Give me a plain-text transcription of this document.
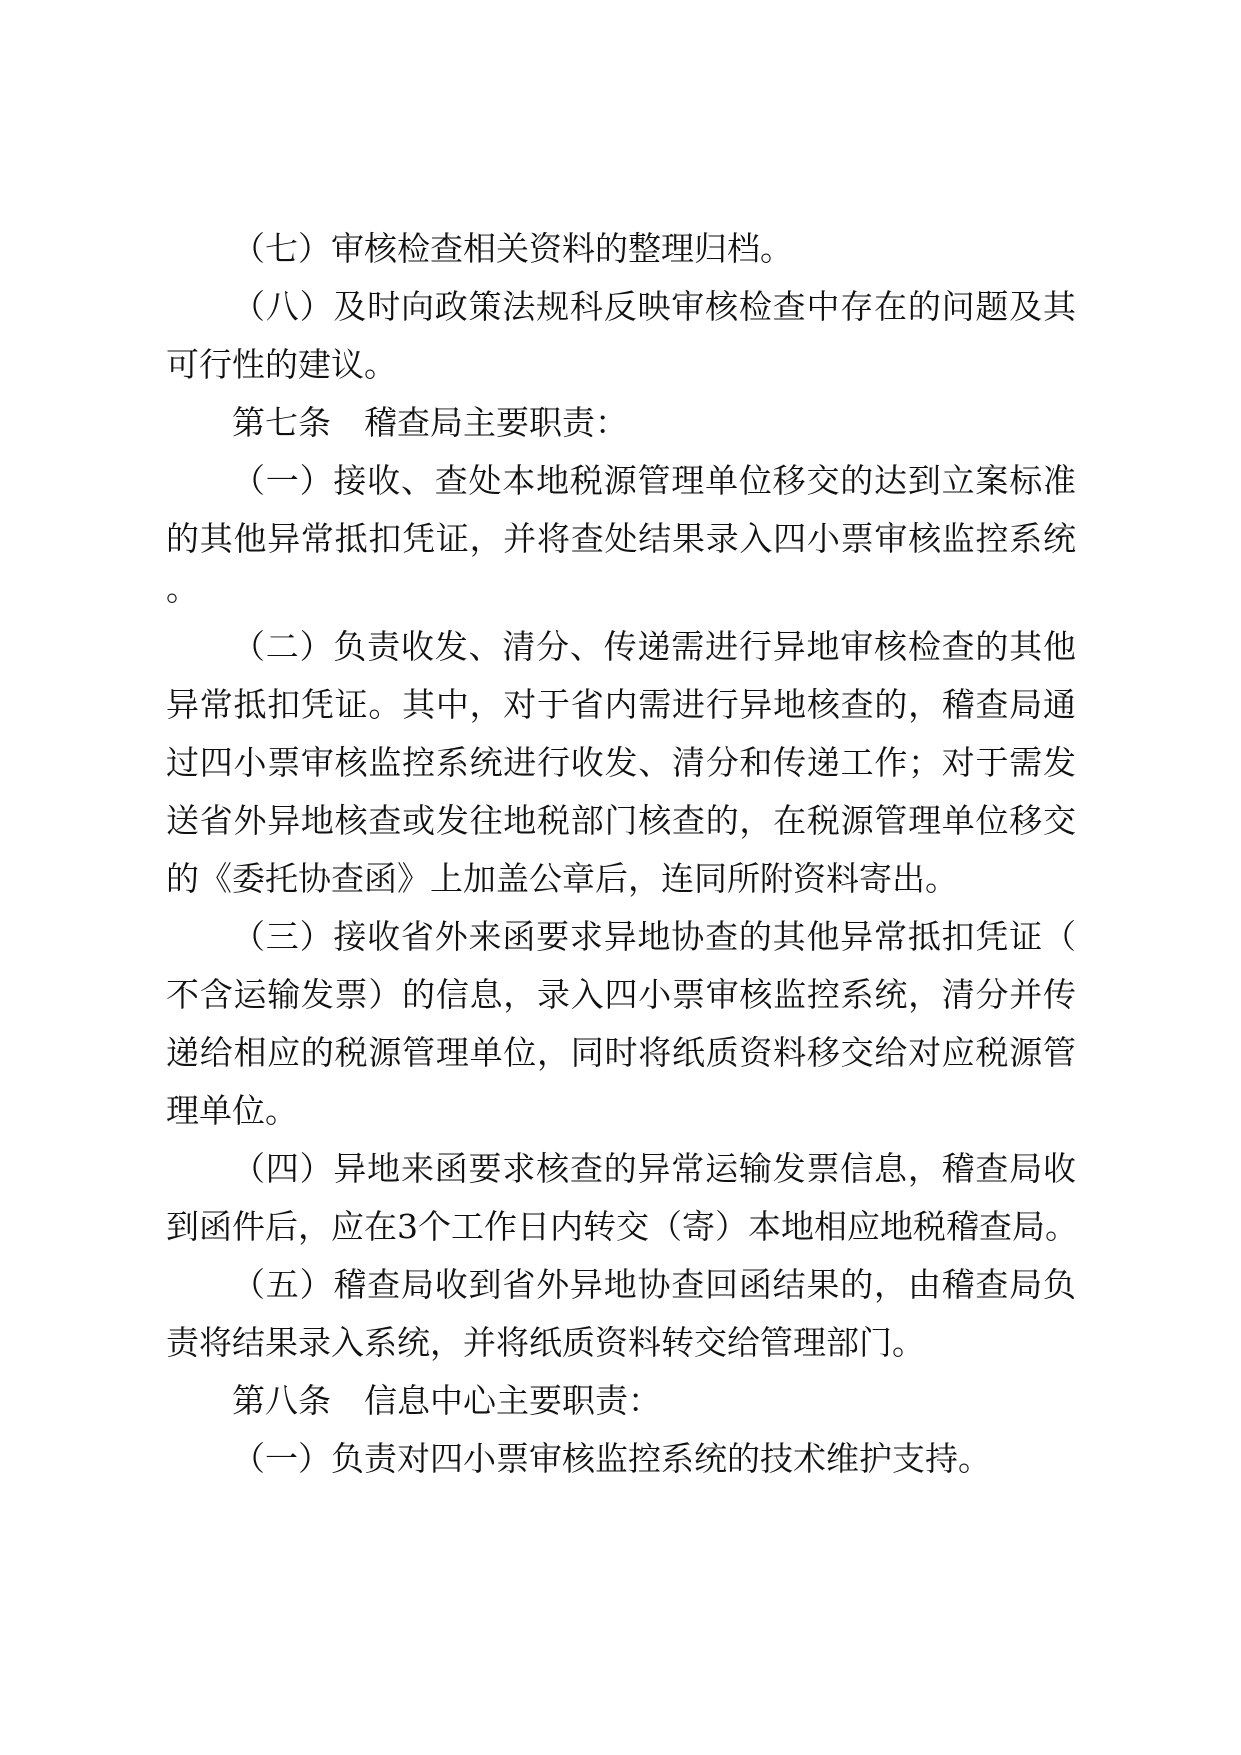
（七）审核检查相关资料的整理归档。
（八）及时向政策法规科反映审核检查中存在的问题及其
可行性的建议。
第七条　稽查局主要职责：
（一）接收、查处本地税源管理单位移交的达到立案标准
的其他异常抵扣凭证，并将查处结果录入四小票审核监控系统
。
（二）负责收发、清分、传递需进行异地审核检查的其他
异常抵扣凭证。其中，对于省内需进行异地核查的，稽查局通
过四小票审核监控系统进行收发、清分和传递工作；对于需发
送省外异地核查或发往地税部门核查的，在税源管理单位移交
的《委托协查函》上加盖公章后，连同所附资料寄出。
（三）接收省外来函要求异地协查的其他异常抵扣凭证（
不含运输发票）的信息，录入四小票审核监控系统，清分并传
递给相应的税源管理单位，同时将纸质资料移交给对应税源管
理单位。
（四）异地来函要求核查的异常运输发票信息，稽查局收
到函件后，应在3个工作日内转交（寄）本地相应地税稽查局。
（五）稽查局收到省外异地协查回函结果的，由稽查局负
责将结果录入系统，并将纸质资料转交给管理部门。
第八条　信息中心主要职责：
（一）负责对四小票审核监控系统的技术维护支持。
